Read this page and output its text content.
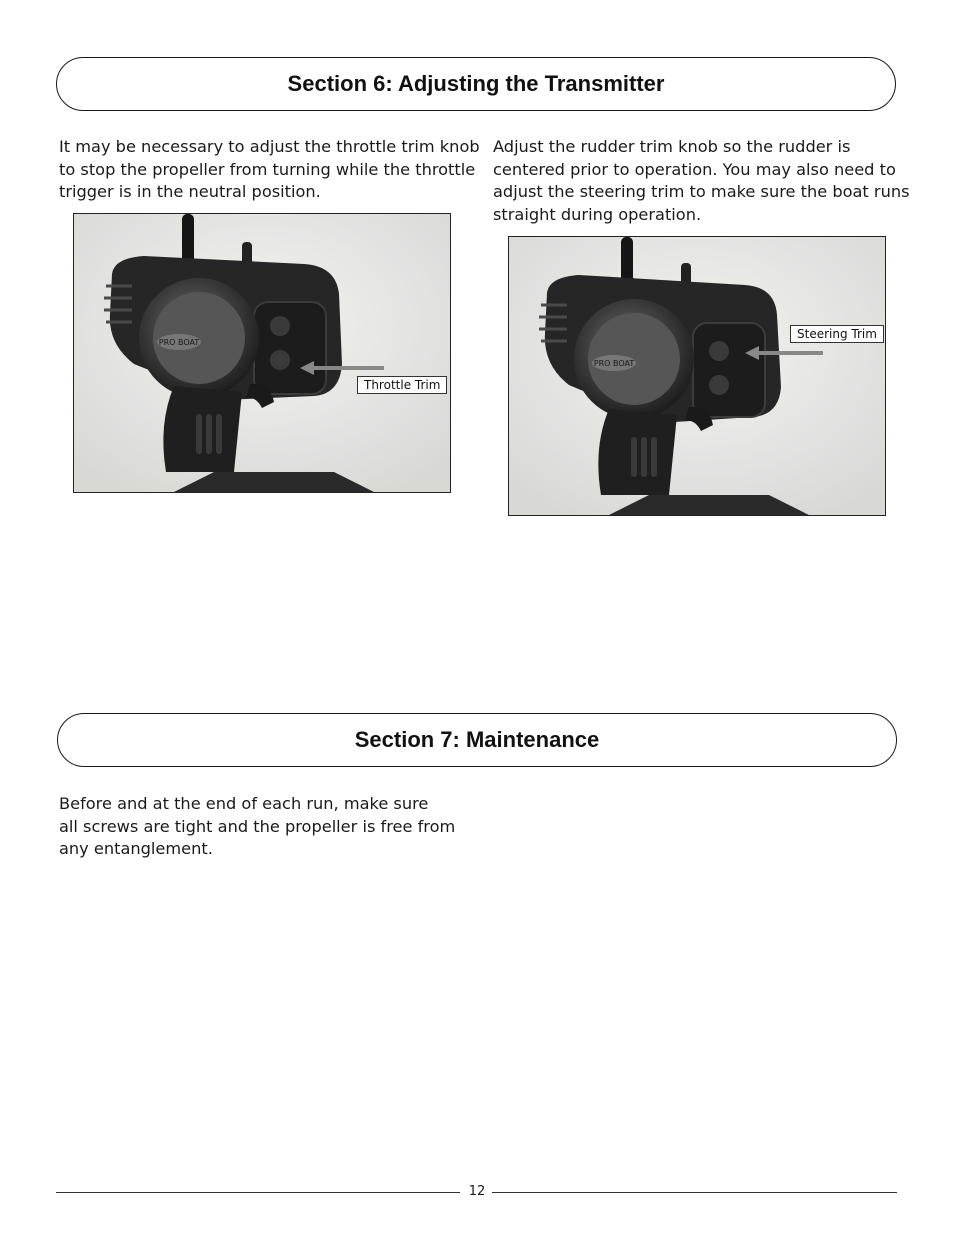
Section 6: Adjusting the Transmitter
It may be necessary to adjust the throttle trim knob
to stop the propeller from turning while the throttle
trigger is in the neutral position.
Adjust the rudder trim knob so the rudder is
centered prior to operation. You may also need to
adjust the steering trim to make sure the boat runs
straight during operation.
PRO BOAT
Throttle Trim
PRO BOAT
Steering Trim
Section 7: Maintenance
Before and at the end of each run, make sure
all screws are tight and the propeller is free from
any entanglement.
12
